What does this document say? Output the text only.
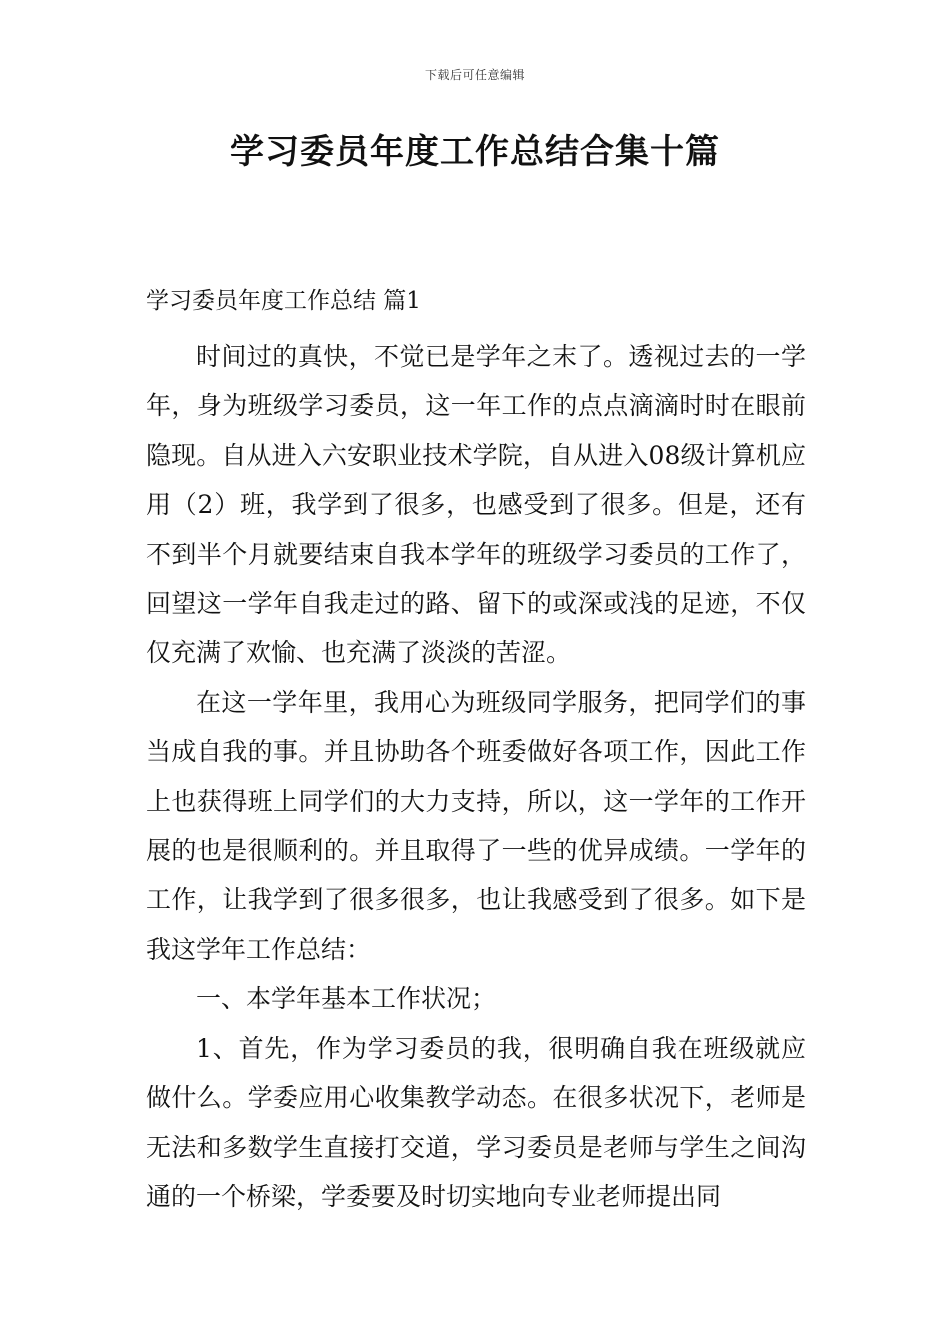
下载后可任意编辑
学习委员年度工作总结合集十篇
学习委员年度工作总结 篇1

时间过的真快，不觉已是学年之末了。透视过去的一学年，身为班级学习委员，这一年工作的点点滴滴时时在眼前隐现。自从进入六安职业技术学院，自从进入08级计算机应用（2）班，我学到了很多，也感受到了很多。但是，还有不到半个月就要结束自我本学年的班级学习委员的工作了，回望这一学年自我走过的路、留下的或深或浅的足迹，不仅仅充满了欢愉、也充满了淡淡的苦涩。

在这一学年里，我用心为班级同学服务，把同学们的事当成自我的事。并且协助各个班委做好各项工作，因此工作上也获得班上同学们的大力支持，所以，这一学年的工作开展的也是很顺利的。并且取得了一些的优异成绩。一学年的工作，让我学到了很多很多，也让我感受到了很多。如下是我这学年工作总结：

一、本学年基本工作状况；

1、首先，作为学习委员的我，很明确自我在班级就应做什么。学委应用心收集教学动态。在很多状况下，老师是无法和多数学生直接打交道，学习委员是老师与学生之间沟通的一个桥梁，学委要及时切实地向专业老师提出同
